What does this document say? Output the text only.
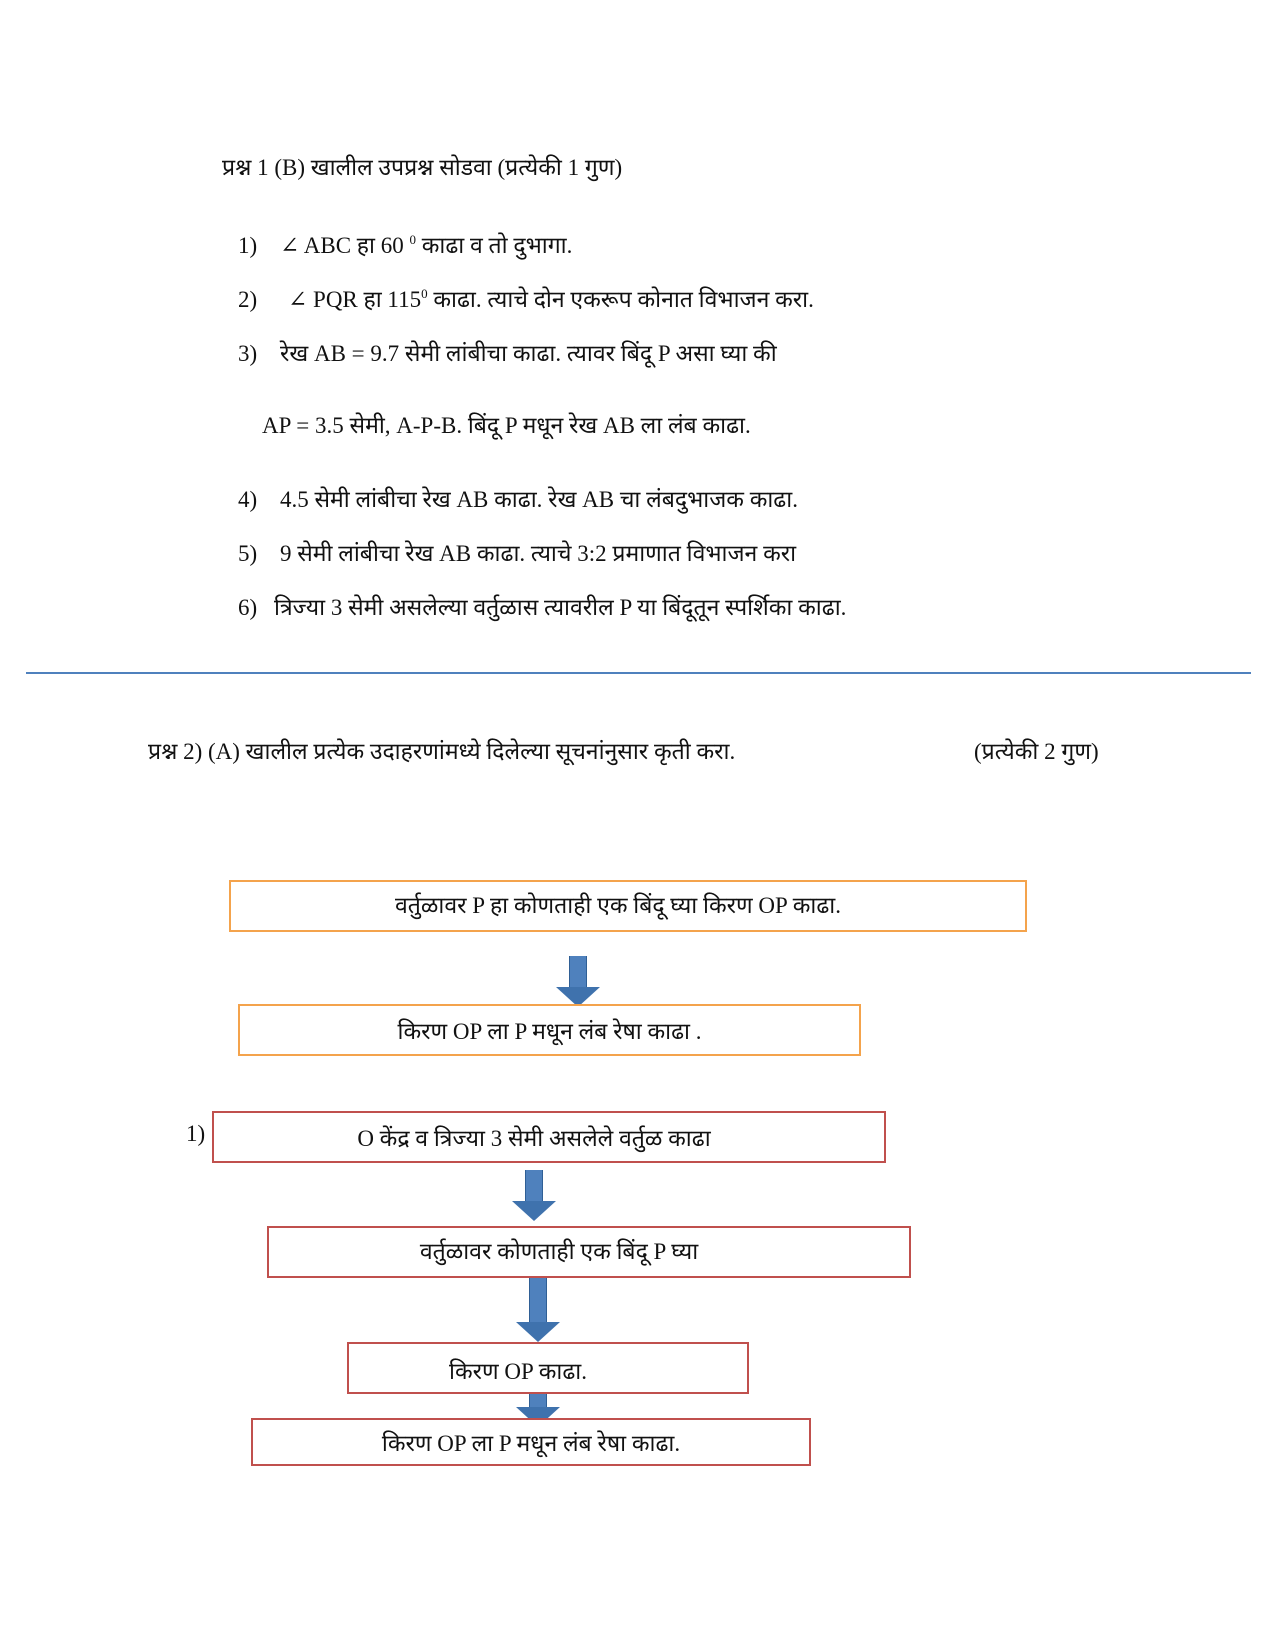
प्रश्न 1 (B) खालील उपप्रश्न सोडवा (प्रत्येकी 1 गुण)
1) ∠ ABC हा 60 $^0$ काढा व तो दुभागा.
2) ∠ PQR हा $115^0$ काढा. त्याचे दोन एकरूप कोनात विभाजन करा.
3) रेख AB = 9.7 सेमी लांबीचा काढा. त्यावर बिंदू P असा घ्या की
AP = 3.5 सेमी, A-P-B. बिंदू P मधून रेख AB ला लंब काढा.
4) 4.5 सेमी लांबीचा रेख AB काढा. रेख AB चा लंबदुभाजक काढा.
5) 9 सेमी लांबीचा रेख AB काढा. त्याचे 3:2 प्रमाणात विभाजन करा
6) त्रिज्या 3 सेमी असलेल्या वर्तुळास त्यावरील P या बिंदूतून स्पर्शिका काढा.
प्रश्न 2) (A) खालील प्रत्येक उदाहरणांमध्ये दिलेल्या सूचनांनुसार कृती करा.	(प्रत्येकी 2 गुण)
वर्तुळावर P हा कोणताही एक बिंदू घ्या किरण OP काढा.
किरण OP ला P मधून लंब रेषा काढा .
1)	O केंद्र व त्रिज्या 3 सेमी असलेले वर्तुळ काढा
वर्तुळावर कोणताही एक बिंदू P घ्या
किरण OP काढा.
किरण OP ला P मधून लंब रेषा काढा.
